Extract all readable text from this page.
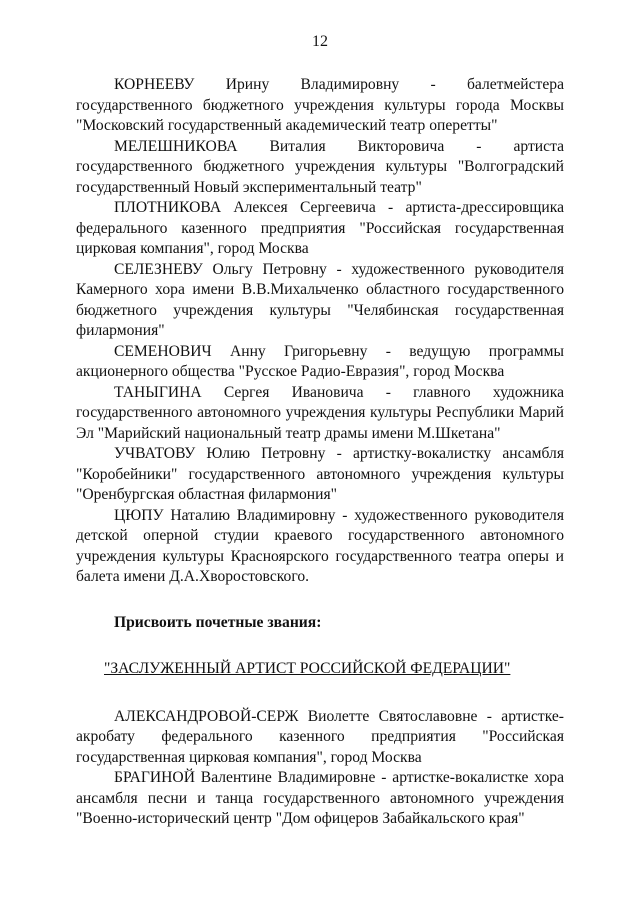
12

КОРНЕЕВУ Ирину Владимировну - балетмейстера государственного бюджетного учреждения культуры города Москвы "Московский государственный академический театр оперетты"

МЕЛЕШНИКОВА Виталия Викторовича - артиста государственного бюджетного учреждения культуры "Волгоградский государственный Новый экспериментальный театр"

ПЛОТНИКОВА Алексея Сергеевича - артиста-дрессировщика федерального казенного предприятия "Российская государственная цирковая компания", город Москва

СЕЛЕЗНЕВУ Ольгу Петровну - художественного руководителя Камерного хора имени В.В.Михальченко областного государственного бюджетного учреждения культуры "Челябинская государственная филармония"

СЕМЕНОВИЧ Анну Григорьевну - ведущую программы акционерного общества "Русское Радио-Евразия", город Москва

ТАНЫГИНА Сергея Ивановича - главного художника государственного автономного учреждения культуры Республики Марий Эл "Марийский национальный театр драмы имени М.Шкетана"

УЧВАТОВУ Юлию Петровну - артистку-вокалистку ансамбля "Коробейники" государственного автономного учреждения культуры "Оренбургская областная филармония"

ЦЮПУ Наталию Владимировну - художественного руководителя детской оперной студии краевого государственного автономного учреждения культуры Красноярского государственного театра оперы и балета имени Д.А.Хворостовского.

Присвоить почетные звания:

"ЗАСЛУЖЕННЫЙ АРТИСТ РОССИЙСКОЙ ФЕДЕРАЦИИ"

АЛЕКСАНДРОВОЙ-СЕРЖ Виолетте Святославовне - артистке-акробату федерального казенного предприятия "Российская государственная цирковая компания", город Москва

БРАГИНОЙ Валентине Владимировне - артистке-вокалистке хора ансамбля песни и танца государственного автономного учреждения "Военно-исторический центр "Дом офицеров Забайкальского края"
